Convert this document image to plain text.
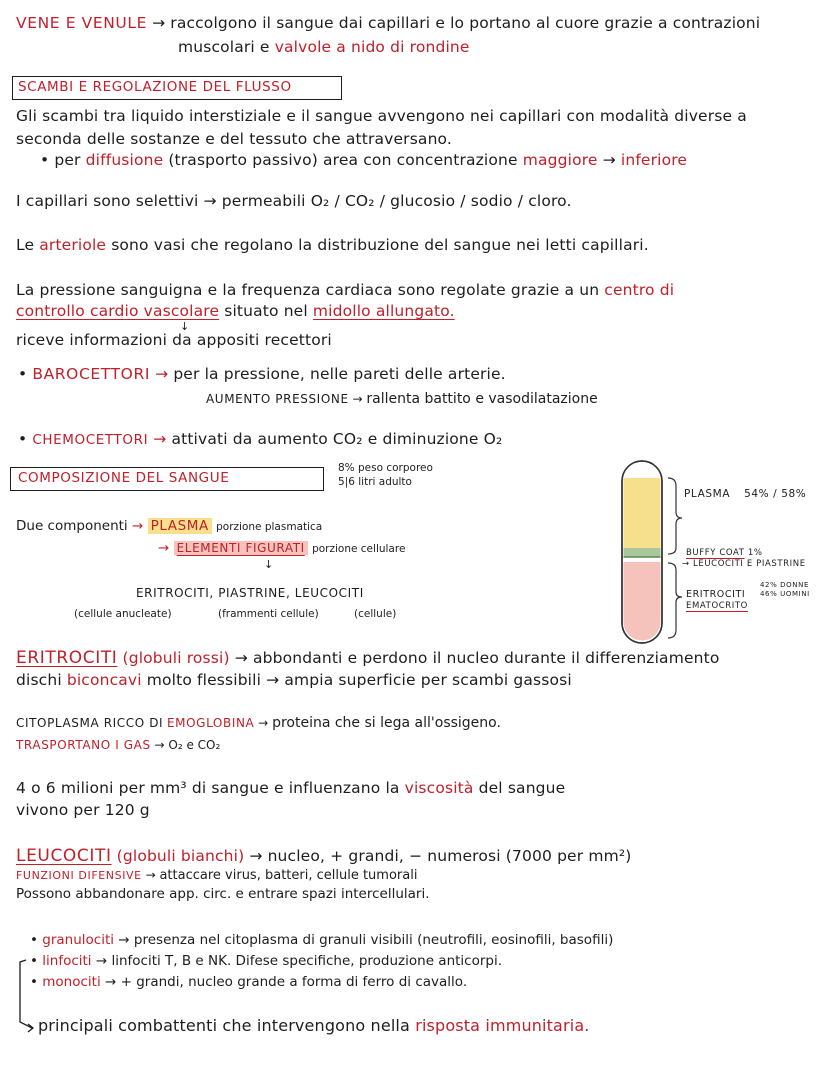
VENE E VENULE → raccolgono il sangue dai capillari e lo portano al cuore grazie a contrazioni
muscolari e valvole a nido di rondine
SCAMBI E REGOLAZIONE DEL FLUSSO
Gli scambi tra liquido interstiziale e il sangue avvengono nei capillari con modalità diverse a
seconda delle sostanze e del tessuto che attraversano.
• per diffusione (trasporto passivo) area con concentrazione maggiore → inferiore
I capillari sono selettivi → permeabili O₂ / CO₂ / glucosio / sodio / cloro.
Le arteriole sono vasi che regolano la distribuzione del sangue nei letti capillari.
La pressione sanguigna e la frequenza cardiaca sono regolate grazie a un centro di
controllo cardio vascolare situato nel midollo allungato.
↓
riceve informazioni da appositi recettori
• BAROCETTORI → per la pressione, nelle pareti delle arterie.
AUMENTO PRESSIONE → rallenta battito e vasodilatazione
• CHEMOCETTORI → attivati da aumento CO₂ e diminuzione O₂
COMPOSIZIONE DEL SANGUE
8% peso corporeo
5|6 litri adulto
Due componenti → PLASMA porzione plasmatica
→ ELEMENTI FIGURATI porzione cellulare
↓
ERITROCITI, PIASTRINE, LEUCOCITI
(cellule anucleate)	(frammenti cellule)	(cellule)
PLASMA 54% / 58%
BUFFY COAT 1%
→ LEUCOCITI E PIASTRINE
ERITROCITI
EMATOCRITO
42% DONNE
46% UOMINI
ERITROCITI (globuli rossi) → abbondanti e perdono il nucleo durante il differenziamento
dischi biconcavi molto flessibili → ampia superficie per scambi gassosi
CITOPLASMA RICCO DI EMOGLOBINA → proteina che si lega all'ossigeno.
TRASPORTANO I GAS → O₂ e CO₂
4 o 6 milioni per mm³ di sangue e influenzano la viscosità del sangue
vivono per 120 g
LEUCOCITI (globuli bianchi) → nucleo, + grandi, − numerosi (7000 per mm²)
FUNZIONI DIFENSIVE → attaccare virus, batteri, cellule tumorali
Possono abbandonare app. circ. e entrare spazi intercellulari.
• granulociti → presenza nel citoplasma di granuli visibili (neutrofili, eosinofili, basofili)
• linfociti → linfociti T, B e NK. Difese specifiche, produzione anticorpi.
• monociti → + grandi, nucleo grande a forma di ferro di cavallo.
principali combattenti che intervengono nella risposta immunitaria.
